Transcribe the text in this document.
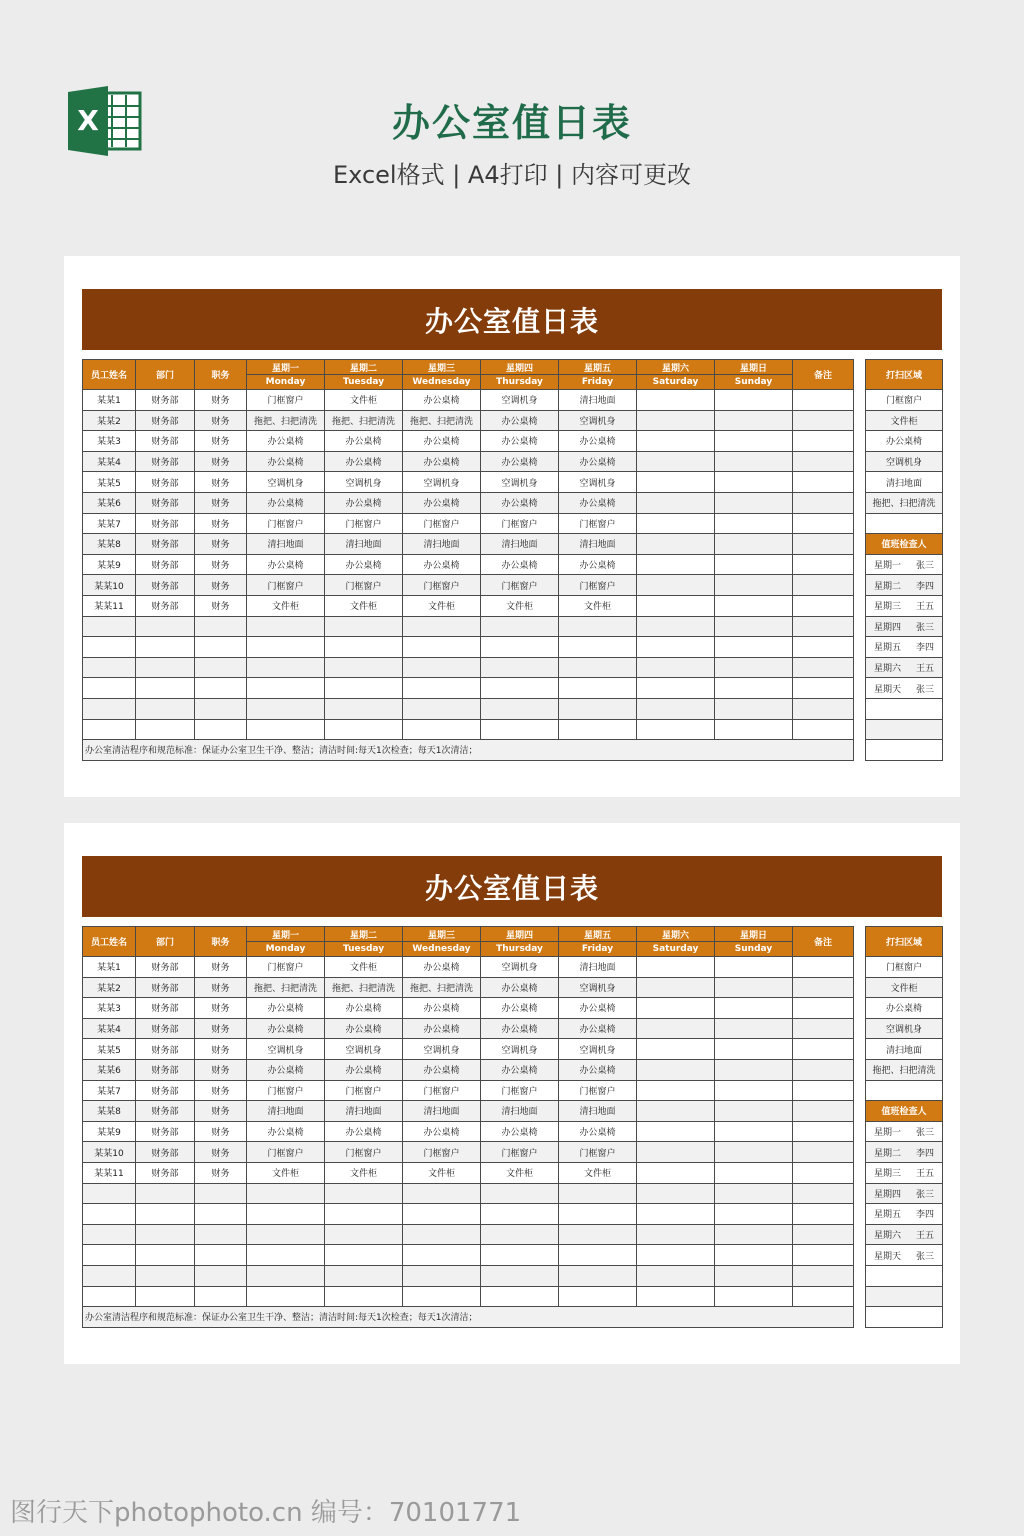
X	办公室值日表
Excel格式 | A4打印 | 内容可更改
办公室值日表
员工姓名	部门	职务	星期一	星期二	星期三	星期四	星期五	星期六	星期日	备注
			Monday	Tuesday	Wednesday	Thursday	Friday	Saturday	Sunday	
某某1	财务部	财务	门框窗户	文件柜	办公桌椅	空调机身	清扫地面			
某某2	财务部	财务	拖把、扫把清洗	拖把、扫把清洗	拖把、扫把清洗	办公桌椅	空调机身			
某某3	财务部	财务	办公桌椅	办公桌椅	办公桌椅	办公桌椅	办公桌椅			
某某4	财务部	财务	办公桌椅	办公桌椅	办公桌椅	办公桌椅	办公桌椅			
某某5	财务部	财务	空调机身	空调机身	空调机身	空调机身	空调机身			
某某6	财务部	财务	办公桌椅	办公桌椅	办公桌椅	办公桌椅	办公桌椅			
某某7	财务部	财务	门框窗户	门框窗户	门框窗户	门框窗户	门框窗户			
某某8	财务部	财务	清扫地面	清扫地面	清扫地面	清扫地面	清扫地面			
某某9	财务部	财务	办公桌椅	办公桌椅	办公桌椅	办公桌椅	办公桌椅			
某某10	财务部	财务	门框窗户	门框窗户	门框窗户	门框窗户	门框窗户			
某某11	财务部	财务	文件柜	文件柜	文件柜	文件柜	文件柜			

办公室清洁程序和规范标准：保证办公室卫生干净、整洁；清洁时间:每天1次检查；每天1次清洁；										
打扫区域
门框窗户
文件柜
办公桌椅
空调机身
清扫地面
拖把、扫把清洗

值班检查人

星期一 张三

星期二 李四

星期三 王五

星期四 张三

星期五 李四

星期六 王五

星期天 张三

办公室值日表
员工姓名	部门	职务	星期一	星期二	星期三	星期四	星期五	星期六	星期日	备注
			Monday	Tuesday	Wednesday	Thursday	Friday	Saturday	Sunday	
某某1	财务部	财务	门框窗户	文件柜	办公桌椅	空调机身	清扫地面			
某某2	财务部	财务	拖把、扫把清洗	拖把、扫把清洗	拖把、扫把清洗	办公桌椅	空调机身			
某某3	财务部	财务	办公桌椅	办公桌椅	办公桌椅	办公桌椅	办公桌椅			
某某4	财务部	财务	办公桌椅	办公桌椅	办公桌椅	办公桌椅	办公桌椅			
某某5	财务部	财务	空调机身	空调机身	空调机身	空调机身	空调机身			
某某6	财务部	财务	办公桌椅	办公桌椅	办公桌椅	办公桌椅	办公桌椅			
某某7	财务部	财务	门框窗户	门框窗户	门框窗户	门框窗户	门框窗户			
某某8	财务部	财务	清扫地面	清扫地面	清扫地面	清扫地面	清扫地面			
某某9	财务部	财务	办公桌椅	办公桌椅	办公桌椅	办公桌椅	办公桌椅			
某某10	财务部	财务	门框窗户	门框窗户	门框窗户	门框窗户	门框窗户			
某某11	财务部	财务	文件柜	文件柜	文件柜	文件柜	文件柜			

办公室清洁程序和规范标准：保证办公室卫生干净、整洁；清洁时间:每天1次检查；每天1次清洁；										
打扫区域
门框窗户
文件柜
办公桌椅
空调机身
清扫地面
拖把、扫把清洗

值班检查人

星期一 张三

星期二 李四

星期三 王五

星期四 张三

星期五 李四

星期六 王五

星期天 张三

图行天下photophoto.cn 编号：70101771
